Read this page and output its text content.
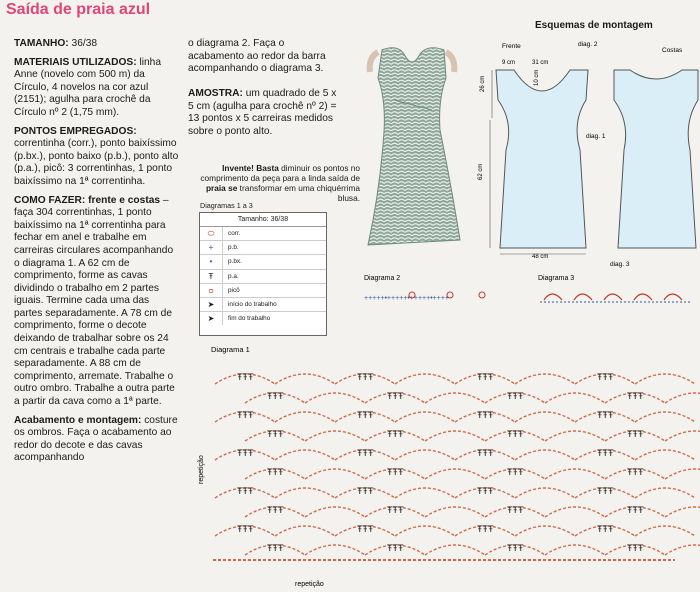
Saída de praia azul

TAMANHO: 36/38

MATERIAIS UTILIZADOS: linha Anne (novelo com 500 m) da Círculo, 4 novelos na cor azul (2151); agulha para crochê da Círculo nº 2 (1,75 mm).

PONTOS EMPREGADOS: correntinha (corr.), ponto baixíssimo (p.bx.), ponto baixo (p.b.), ponto alto (p.a.), picô: 3 correntinhas, 1 ponto baixíssimo na 1ª correntinha.

COMO FAZER: frente e costas – faça 304 correntinhas, 1 ponto baixíssimo na 1ª correntinha para fechar em anel e trabalhe em carreiras circulares acompanhando o diagrama 1. A 62 cm de comprimento, forme as cavas dividindo o trabalho em 2 partes iguais. Termine cada uma das partes separadamente. A 78 cm de comprimento, forme o decote deixando de trabalhar sobre os 24 cm centrais e trabalhe cada parte separadamente. A 88 cm de comprimento, arremate. Trabalhe o outro ombro. Trabalhe a outra parte a partir da cava como a 1ª parte.

Acabamento e montagem: costure os ombros. Faça o acabamento ao redor do decote e das cavas acompanhando

o diagrama 2. Faça o acabamento ao redor da barra acompanhando o diagrama 3.

AMOSTRA: um quadrado de 5 x 5 cm (agulha para crochê nº 2) = 13 pontos x 5 carreiras medidos sobre o ponto alto.
Invente! Basta diminuir os pontos no comprimento da peça para a linda saída de praia se transformar em uma chiquérrima blusa.
Diagramas 1 a 3
Tamanho: 36/38
⬭	corr.
+	p.b.
•	p.bx.
Ŧ	p.a.
ᴑ	picô
➤	início do trabalho
➤	fim do trabalho
Esquemas de montagem
Frente
Costas
diag. 2
diag. 1
diag. 3
9 cm	31 cm
26 cm
62 cm
48 cm
10 cm
Diagrama 2
+++++•+++++•+++++•++++
Diagrama 3
Diagrama 1
ŦŦŦ	ŦŦŦ	ŦŦŦ	ŦŦŦ
ŦŦŦ	ŦŦŦ	ŦŦŦ	ŦŦŦ
ŦŦŦ	ŦŦŦ	ŦŦŦ	ŦŦŦ
ŦŦŦ	ŦŦŦ	ŦŦŦ	ŦŦŦ
ŦŦŦ	ŦŦŦ	ŦŦŦ	ŦŦŦ
ŦŦŦ	ŦŦŦ	ŦŦŦ	ŦŦŦ
ŦŦŦ	ŦŦŦ	ŦŦŦ	ŦŦŦ
ŦŦŦ	ŦŦŦ	ŦŦŦ	ŦŦŦ
ŦŦŦ	ŦŦŦ	ŦŦŦ	ŦŦŦ
ŦŦŦ	ŦŦŦ	ŦŦŦ	ŦŦŦ
repetição
repetição
